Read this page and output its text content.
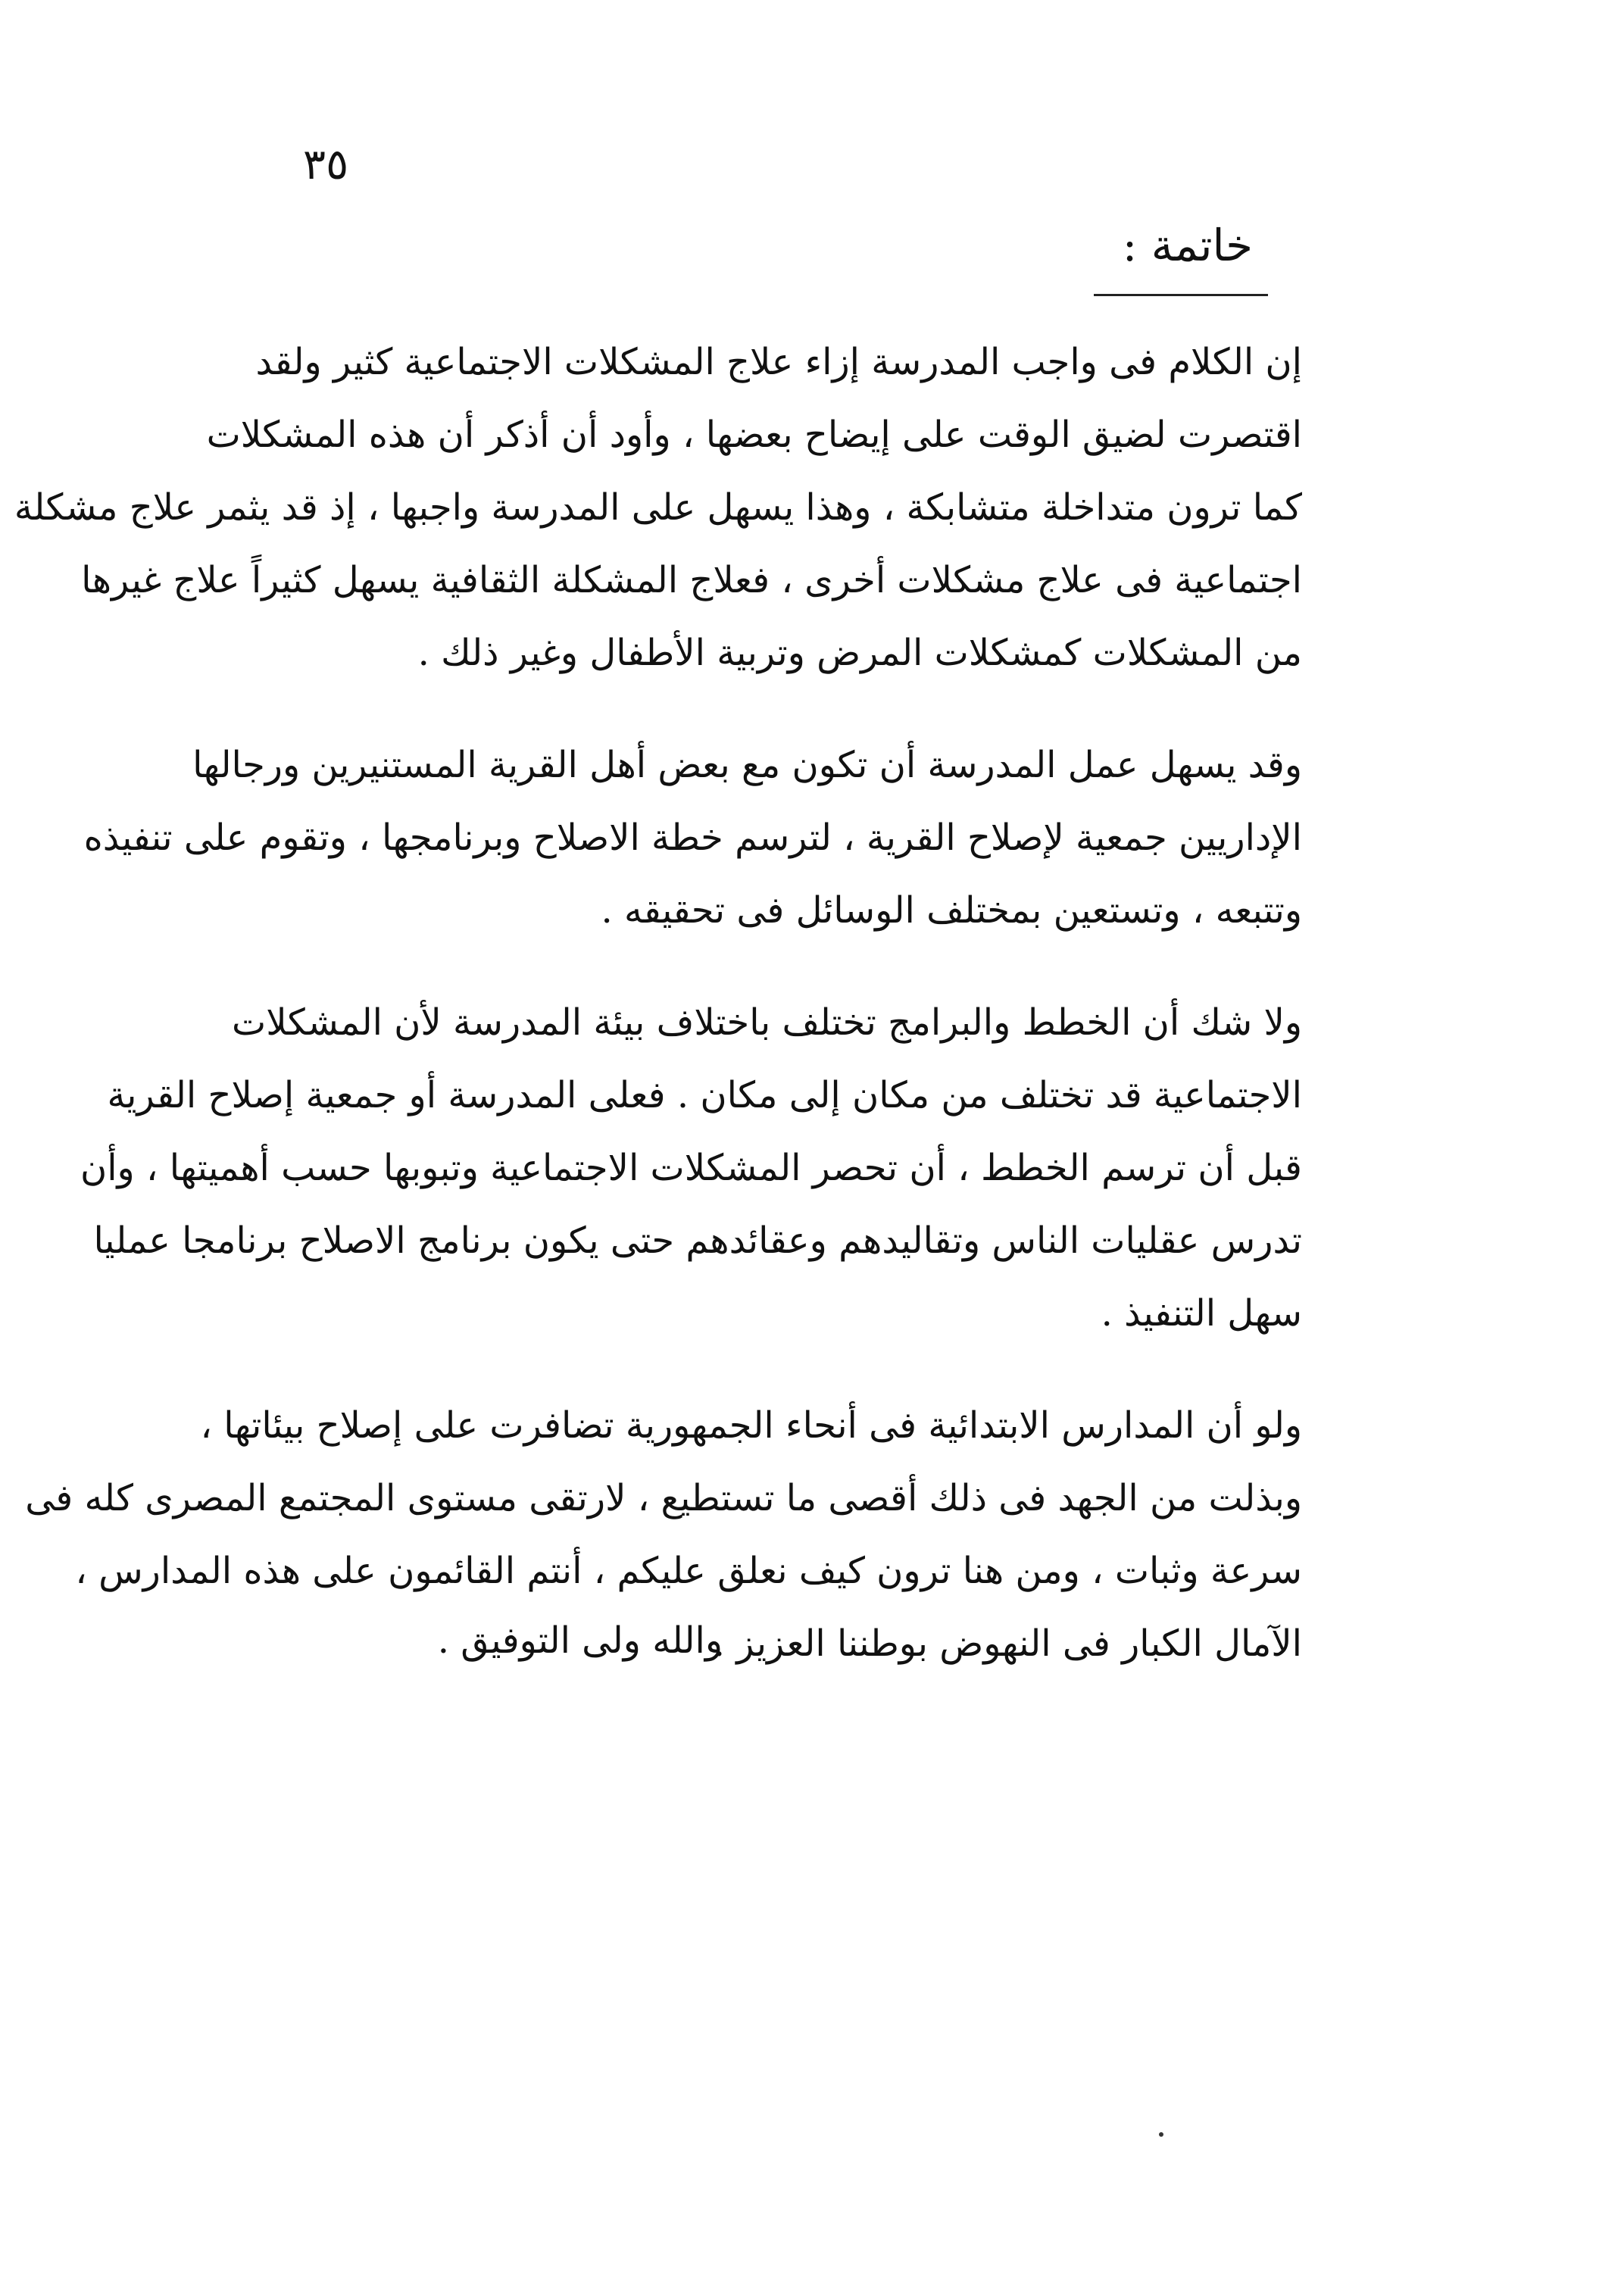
٣٥
خاتمة :
إن الكلام فى واجب المدرسة إزاء علاج المشكلات الاجتماعية كثير ولقد
اقتصرت لضيق الوقت على إيضاح بعضها ، وأود أن أذكر أن هذه المشكلات
كما ترون متداخلة متشابكة ، وهذا يسهل على المدرسة واجبها ، إذ قد يثمر علاج مشكلة
اجتماعية فى علاج مشكلات أخرى ، فعلاج المشكلة الثقافية يسهل كثيراً علاج غيرها
من المشكلات كمشكلات المرض وتربية الأطفال وغير ذلك .
وقد يسهل عمل المدرسة أن تكون مع بعض أهل القرية المستنيرين ورجالها
الإداريين جمعية لإصلاح القرية ، لترسم خطة الاصلاح وبرنامجها ، وتقوم على تنفيذه
وتتبعه ، وتستعين بمختلف الوسائل فى تحقيقه .
ولا شك أن الخطط والبرامج تختلف باختلاف بيئة المدرسة لأن المشكلات
الاجتماعية قد تختلف من مكان إلى مكان . فعلى المدرسة أو جمعية إصلاح القرية
قبل أن ترسم الخطط ، أن تحصر المشكلات الاجتماعية وتبوبها حسب أهميتها ، وأن
تدرس عقليات الناس وتقاليدهم وعقائدهم حتى يكون برنامج الاصلاح برنامجا عمليا
سهل التنفيذ .
ولو أن المدارس الابتدائية فى أنحاء الجمهورية تضافرت على إصلاح بيئاتها ،
وبذلت من الجهد فى ذلك أقصى ما تستطيع ، لارتقى مستوى المجتمع المصرى كله فى
سرعة وثبات ، ومن هنا ترون كيف نعلق عليكم ، أنتم القائمون على هذه المدارس ،
الآمال الكبار فى النهوض بوطننا العزيز .
والله ولى التوفيق .
